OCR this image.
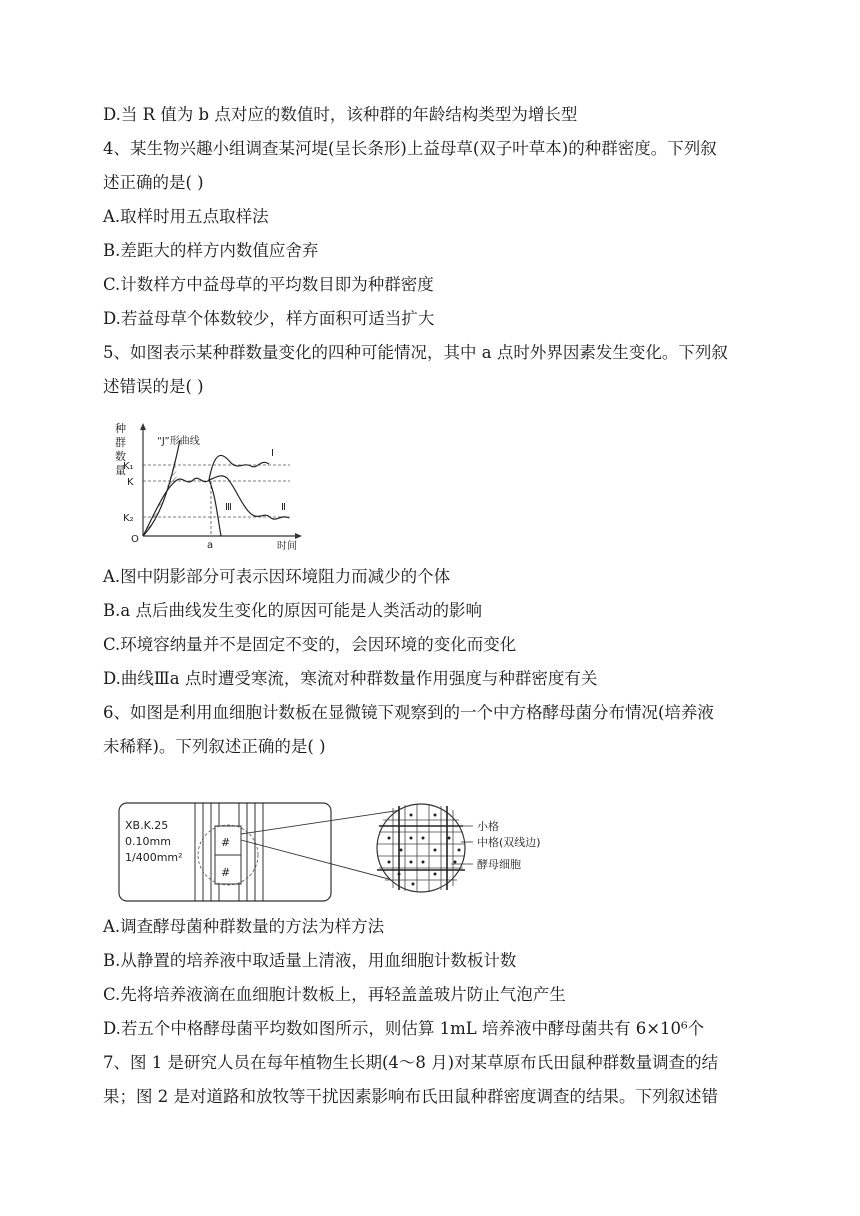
D.当 R 值为 b 点对应的数值时，该种群的年龄结构类型为增长型
4、某生物兴趣小组调查某河堤(呈长条形)上益母草(双子叶草本)的种群密度。下列叙
述正确的是( )
A.取样时用五点取样法
B.差距大的样方内数值应舍弃
C.计数样方中益母草的平均数目即为种群密度
D.若益母草个体数较少，样方面积可适当扩大
5、如图表示某种群数量变化的四种可能情况，其中 a 点时外界因素发生变化。下列叙
述错误的是( )
种
群
数
量
K₁
K
K₂
O
a	时间
“J”形曲线
Ⅰ
Ⅱ
Ⅲ
A.图中阴影部分可表示因环境阻力而减少的个体
B.a 点后曲线发生变化的原因可能是人类活动的影响
C.环境容纳量并不是固定不变的，会因环境的变化而变化
D.曲线Ⅲa 点时遭受寒流，寒流对种群数量作用强度与种群密度有关
6、如图是利用血细胞计数板在显微镜下观察到的一个中方格酵母菌分布情况(培养液
未稀释)。下列叙述正确的是( )
XB.K.25
0.10mm
1/400mm²
#
#
小格
中格(双线边)
酵母细胞
A.调查酵母菌种群数量的方法为样方法
B.从静置的培养液中取适量上清液，用血细胞计数板计数
C.先将培养液滴在血细胞计数板上，再轻盖盖玻片防止气泡产生
D.若五个中格酵母菌平均数如图所示，则估算 1mL 培养液中酵母菌共有 6×10⁶个
7、图 1 是研究人员在每年植物生长期(4～8 月)对某草原布氏田鼠种群数量调查的结
果；图 2 是对道路和放牧等干扰因素影响布氏田鼠种群密度调查的结果。下列叙述错
